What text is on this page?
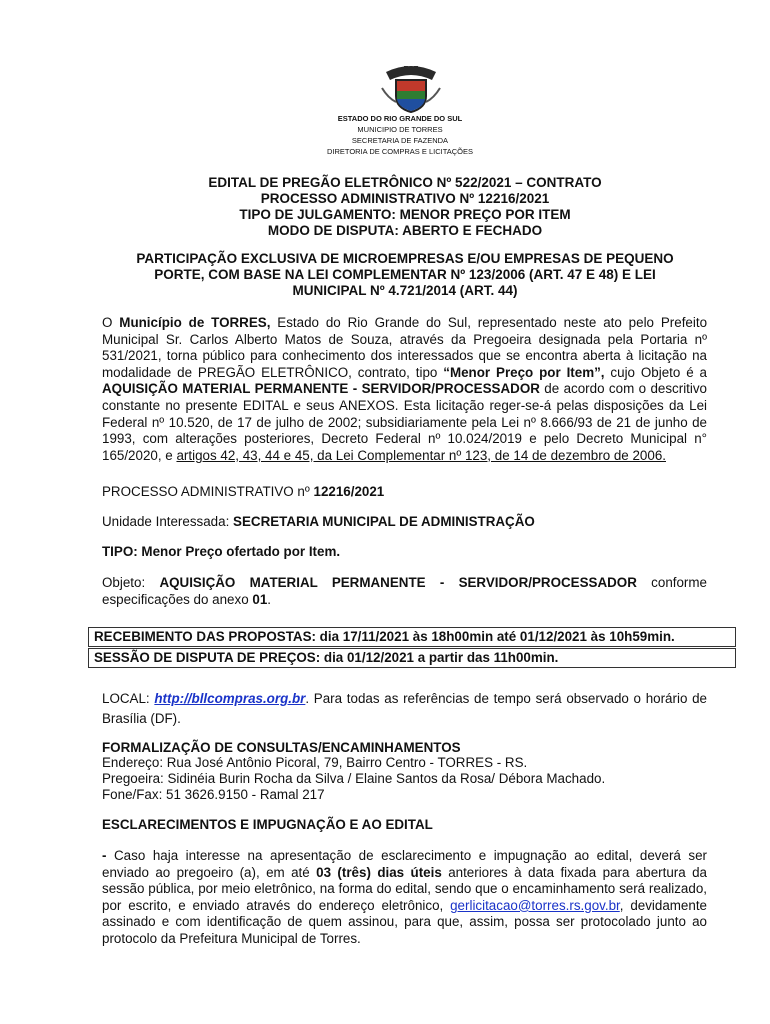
ESTADO DO RIO GRANDE DO SUL
MUNICIPIO DE TORRES
SECRETARIA DE FAZENDA
DIRETORIA DE COMPRAS E LICITAÇÕES
EDITAL DE PREGÃO ELETRÔNICO Nº 522/2021 – CONTRATO
PROCESSO ADMINISTRATIVO Nº 12216/2021
TIPO DE JULGAMENTO: MENOR PREÇO POR ITEM
MODO DE DISPUTA: ABERTO E FECHADO
PARTICIPAÇÃO EXCLUSIVA DE MICROEMPRESAS E/OU EMPRESAS DE PEQUENO
PORTE, COM BASE NA LEI COMPLEMENTAR Nº 123/2006 (ART. 47 E 48) E LEI
MUNICIPAL Nº 4.721/2014 (ART. 44)
O Município de TORRES, Estado do Rio Grande do Sul, representado neste ato pelo Prefeito Municipal Sr. Carlos Alberto Matos de Souza, através da Pregoeira designada pela Portaria nº 531/2021, torna público para conhecimento dos interessados que se encontra aberta à licitação na modalidade de PREGÃO ELETRÔNICO, contrato, tipo “Menor Preço por Item”, cujo Objeto é a AQUISIÇÃO MATERIAL PERMANENTE - SERVIDOR/PROCESSADOR de acordo com o descritivo constante no presente EDITAL e seus ANEXOS. Esta licitação reger-se-á pelas disposições da Lei Federal nº 10.520, de 17 de julho de 2002; subsidiariamente pela Lei nº 8.666/93 de 21 de junho de 1993, com alterações posteriores, Decreto Federal nº 10.024/2019 e pelo Decreto Municipal n° 165/2020, e artigos 42, 43, 44 e 45, da Lei Complementar nº 123, de 14 de dezembro de 2006.
PROCESSO ADMINISTRATIVO nº 12216/2021
Unidade Interessada: SECRETARIA MUNICIPAL DE ADMINISTRAÇÃO
TIPO: Menor Preço ofertado por Item.
Objeto: AQUISIÇÃO MATERIAL PERMANENTE - SERVIDOR/PROCESSADOR conforme especificações do anexo 01.
RECEBIMENTO DAS PROPOSTAS: dia 17/11/2021 às 18h00min até 01/12/2021 às 10h59min.
SESSÃO DE DISPUTA DE PREÇOS: dia 01/12/2021 a partir das 11h00min.
LOCAL: http://bllcompras.org.br. Para todas as referências de tempo será observado o horário de Brasília (DF).
FORMALIZAÇÃO DE CONSULTAS/ENCAMINHAMENTOS
Endereço: Rua José Antônio Picoral, 79, Bairro Centro - TORRES - RS.
Pregoeira: Sidinéia Burin Rocha da Silva / Elaine Santos da Rosa/ Débora Machado.
Fone/Fax: 51 3626.9150 - Ramal 217
ESCLARECIMENTOS E IMPUGNAÇÃO E AO EDITAL
- Caso haja interesse na apresentação de esclarecimento e impugnação ao edital, deverá ser enviado ao pregoeiro (a), em até 03 (três) dias úteis anteriores à data fixada para abertura da sessão pública, por meio eletrônico, na forma do edital, sendo que o encaminhamento será realizado, por escrito, e enviado através do endereço eletrônico, gerlicitacao@torres.rs.gov.br, devidamente assinado e com identificação de quem assinou, para que, assim, possa ser protocolado junto ao protocolo da Prefeitura Municipal de Torres.
